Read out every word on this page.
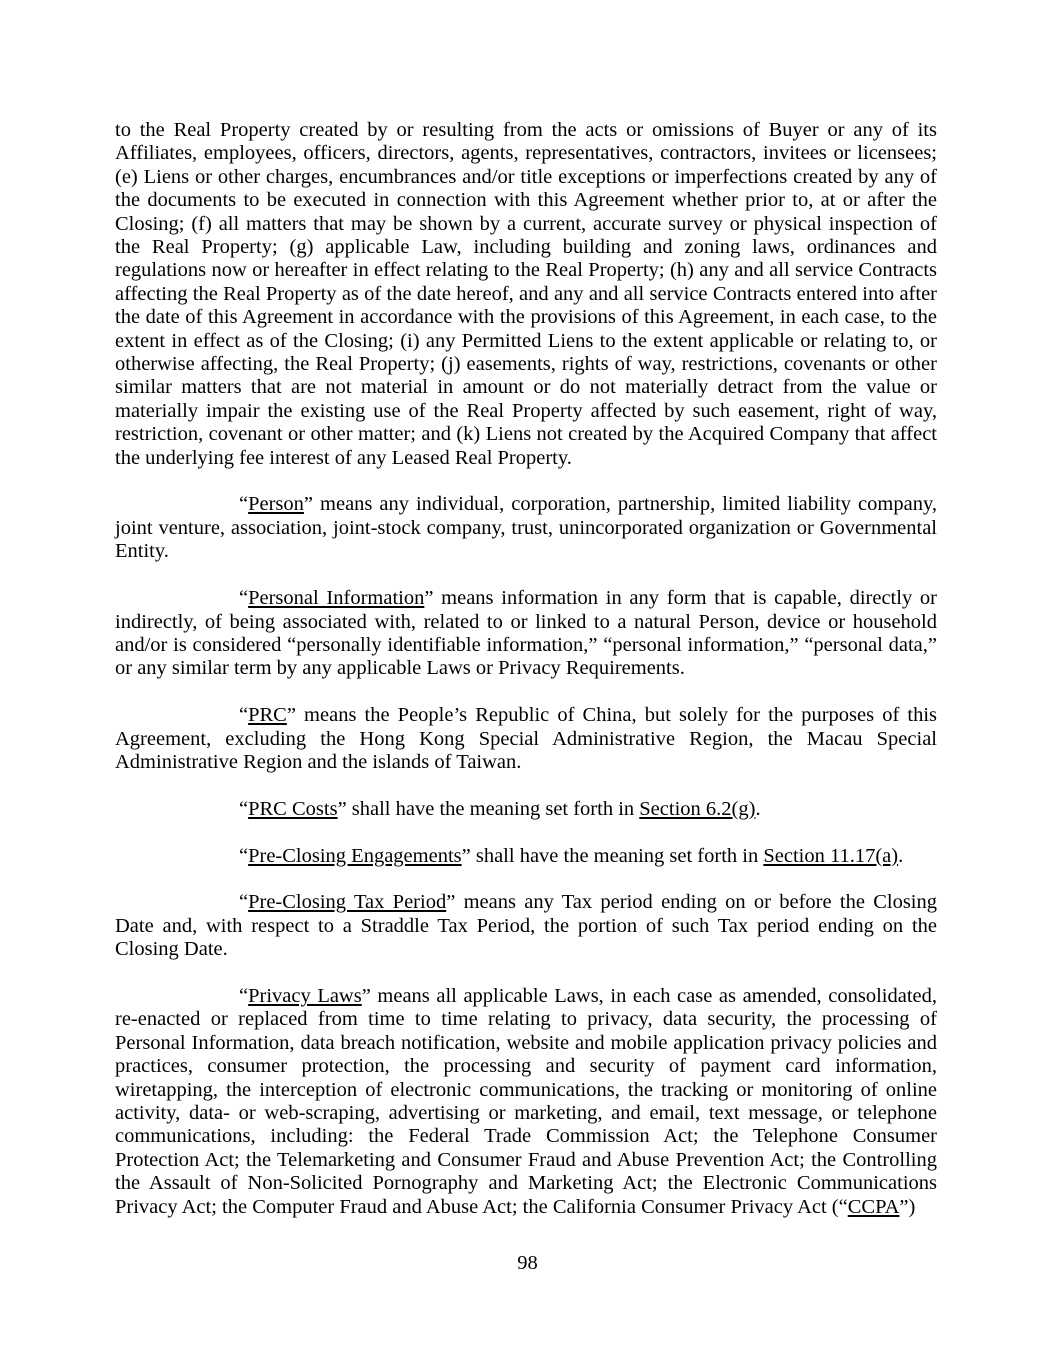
to the Real Property created by or resulting from the acts or omissions of Buyer or any of its Affiliates, employees, officers, directors, agents, representatives, contractors, invitees or licensees; (e) Liens or other charges, encumbrances and/or title exceptions or imperfections created by any of the documents to be executed in connection with this Agreement whether prior to, at or after the Closing; (f) all matters that may be shown by a current, accurate survey or physical inspection of the Real Property; (g) applicable Law, including building and zoning laws, ordinances and regulations now or hereafter in effect relating to the Real Property; (h) any and all service Contracts affecting the Real Property as of the date hereof, and any and all service Contracts entered into after the date of this Agreement in accordance with the provisions of this Agreement, in each case, to the extent in effect as of the Closing; (i) any Permitted Liens to the extent applicable or relating to, or otherwise affecting, the Real Property; (j) easements, rights of way, restrictions, covenants or other similar matters that are not material in amount or do not materially detract from the value or materially impair the existing use of the Real Property affected by such easement, right of way, restriction, covenant or other matter; and (k) Liens not created by the Acquired Company that affect the underlying fee interest of any Leased Real Property.

“Person” means any individual, corporation, partnership, limited liability company, joint venture, association, joint-stock company, trust, unincorporated organization or Governmental Entity.

“Personal Information” means information in any form that is capable, directly or indirectly, of being associated with, related to or linked to a natural Person, device or household and/or is considered “personally identifiable information,” “personal information,” “personal data,” or any similar term by any applicable Laws or Privacy Requirements.

“PRC” means the People’s Republic of China, but solely for the purposes of this Agreement, excluding the Hong Kong Special Administrative Region, the Macau Special Administrative Region and the islands of Taiwan.

“PRC Costs” shall have the meaning set forth in Section 6.2(g).

“Pre-Closing Engagements” shall have the meaning set forth in Section 11.17(a).

“Pre-Closing Tax Period” means any Tax period ending on or before the Closing Date and, with respect to a Straddle Tax Period, the portion of such Tax period ending on the Closing Date.

“Privacy Laws” means all applicable Laws, in each case as amended, consolidated, re-enacted or replaced from time to time relating to privacy, data security, the processing of Personal Information, data breach notification, website and mobile application privacy policies and practices, consumer protection, the processing and security of payment card information, wiretapping, the interception of electronic communications, the tracking or monitoring of online activity, data- or web-scraping, advertising or marketing, and email, text message, or telephone communications, including: the Federal Trade Commission Act; the Telephone Consumer Protection Act; the Telemarketing and Consumer Fraud and Abuse Prevention Act; the Controlling the Assault of Non-Solicited Pornography and Marketing Act; the Electronic Communications Privacy Act; the Computer Fraud and Abuse Act; the California Consumer Privacy Act (“CCPA”)

98
